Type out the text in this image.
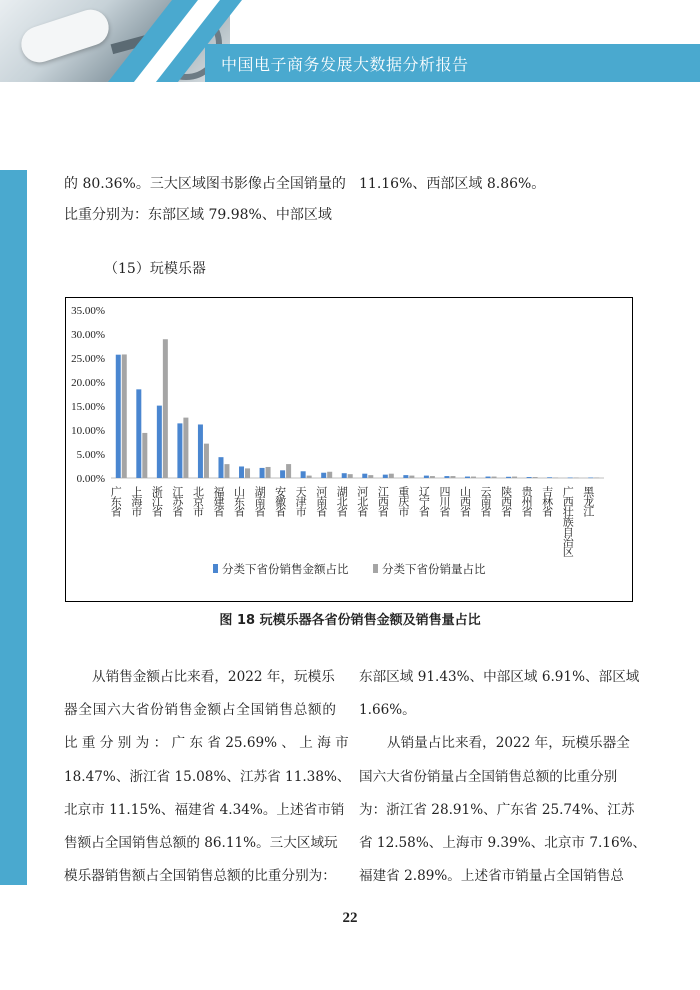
中国电子商务发展大数据分析报告
的 80.36%。三大区域图书影像占全国销量的
比重分别为：东部区域 79.98%、中部区域
11.16%、西部区域 8.86%。
（15）玩模乐器
35.00%
30.00%
25.00%
20.00%
15.00%
10.00%
5.00%
0.00%
广东省 上海市 浙江省 江苏省 北京市 福建省 山东省 湖南省 安徽省 天津市 河南省 湖北省 河北省 江西省 重庆市 辽宁省 四川省 山西省 云南省 陕西省 贵州省 吉林省 广西壮族自治区 黑龙江
分类下省份销售金额占比	分类下省份销量占比
图 18 玩模乐器各省份销售金额及销售量占比
从销售金额占比来看，2022 年，玩模乐
器全国六大省份销售金额占全国销售总额的
比 重 分 别 为 ： 广 东 省 25.69% 、 上 海 市
18.47%、浙江省 15.08%、江苏省 11.38%、
北京市 11.15%、福建省 4.34%。上述省市销
售额占全国销售总额的 86.11%。三大区域玩
模乐器销售额占全国销售总额的比重分别为：
东部区域 91.43%、中部区域 6.91%、部区域
1.66%。
从销量占比来看，2022 年，玩模乐器全
国六大省份销量占全国销售总额的比重分别
为：浙江省 28.91%、广东省 25.74%、江苏
省 12.58%、上海市 9.39%、北京市 7.16%、
福建省 2.89%。上述省市销量占全国销售总
22
